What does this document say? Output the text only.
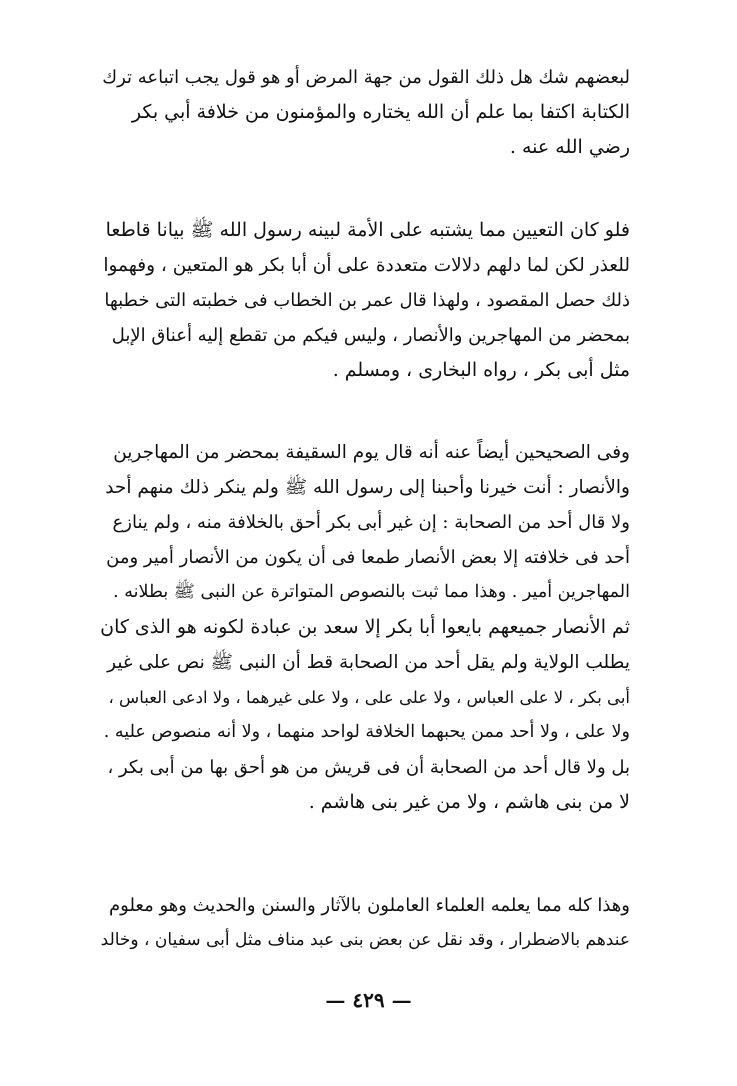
لبعضهم شك هل ذلك القول من جهة المرض أو هو قول يجب اتباعه ترك
الكتابة اكتفا بما علم أن الله يختاره والمؤمنون من خلافة أبي بكر
رضي الله عنه .
فلو كان التعيين مما يشتبه على الأمة لبينه رسول الله ﷺ بيانا قاطعا
للعذر لكن لما دلهم دلالات متعددة على أن أبا بكر هو المتعين ، وفهموا
ذلك حصل المقصود ، ولهذا قال عمر بن الخطاب فى خطبته التى خطبها
بمحضر من المهاجرين والأنصار ، وليس فيكم من تقطع إليه أعناق الإبل
مثل أبى بكر ، رواه البخارى ، ومسلم .
وفى الصحيحين أيضاً عنه أنه قال يوم السقيفة بمحضر من المهاجرين
والأنصار : أنت خيرنا وأحبنا إلى رسول الله ﷺ ولم ينكر ذلك منهم أحد
ولا قال أحد من الصحابة : إن غير أبى بكر أحق بالخلافة منه ، ولم ينازع
أحد فى خلافته إلا بعض الأنصار طمعا فى أن يكون من الأنصار أمير ومن
المهاجرين أمير . وهذا مما ثبت بالنصوص المتواترة عن النبى ﷺ بطلانه .
ثم الأنصار جميعهم بايعوا أبا بكر إلا سعد بن عبادة لكونه هو الذى كان
يطلب الولاية ولم يقل أحد من الصحابة قط أن النبى ﷺ نص على غير
أبى بكر ، لا على العباس ، ولا على على ، ولا على غيرهما ، ولا ادعى العباس ،
ولا على ، ولا أحد ممن يحبهما الخلافة لواحد منهما ، ولا أنه منصوص عليه .
بل ولا قال أحد من الصحابة أن فى قريش من هو أحق بها من أبى بكر ،
لا من بنى هاشم ، ولا من غير بنى هاشم .
وهذا كله مما يعلمه العلماء العاملون بالآثار والسنن والحديث وهو معلوم
عندهم بالاضطرار ، وقد نقل عن بعض بنى عبد مناف مثل أبى سفيان ، وخالد
— ٤٢٩ —
